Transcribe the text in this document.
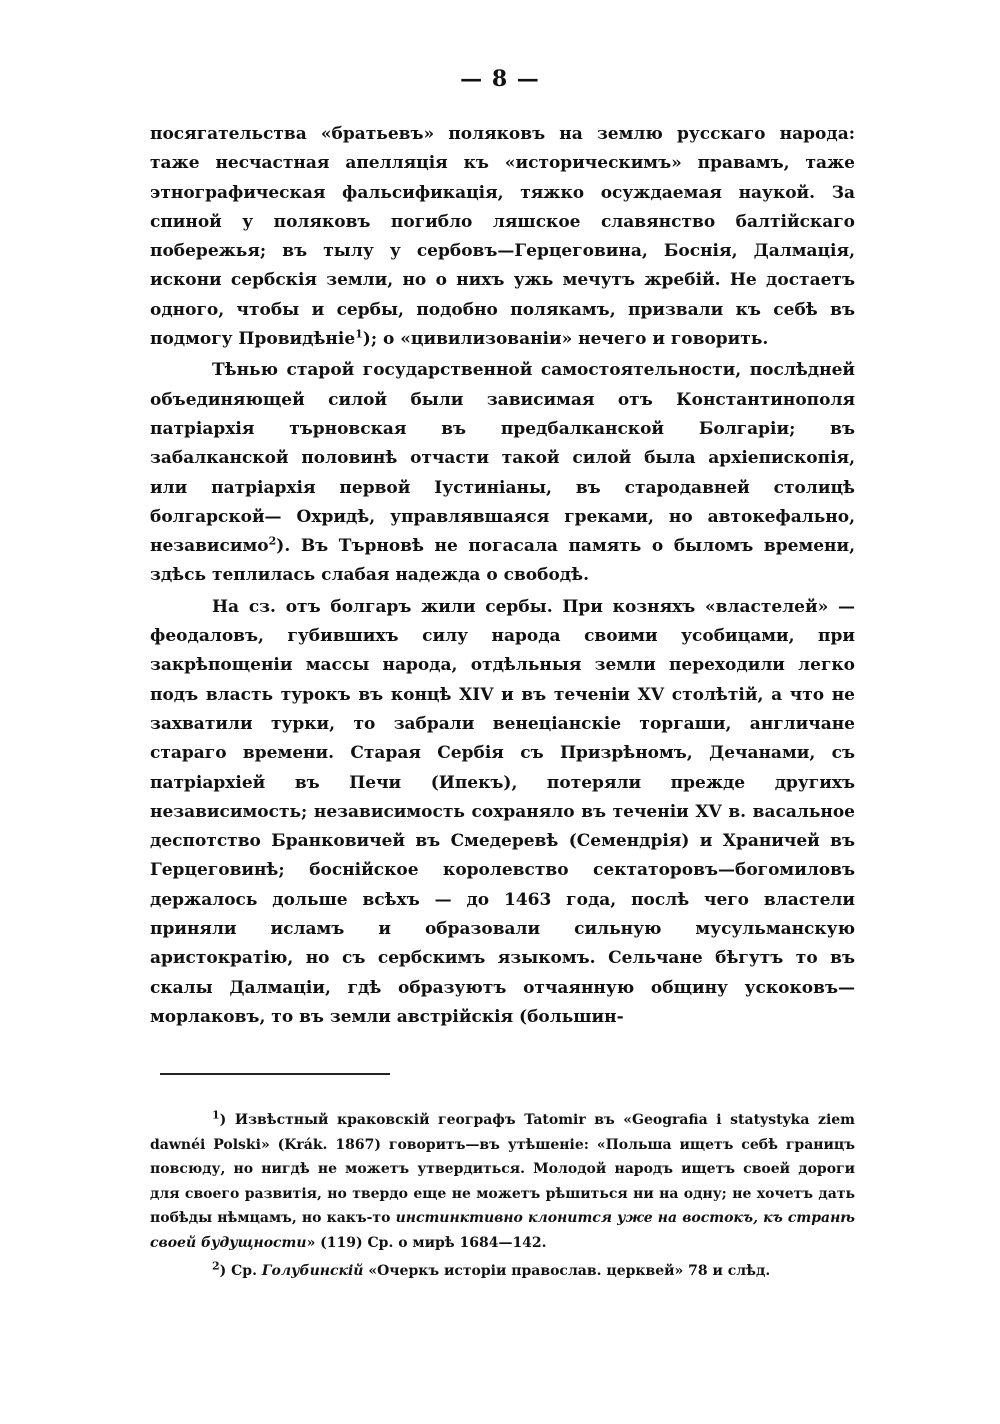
— 8 —

посягательства «братьевъ» поляковъ на землю русскаго народа: таже несчастная апелляція къ «историческимъ» правамъ, таже этнографическая фальсификація, тяжко осуждаемая наукой. За спиной у поляковъ погибло ляшское славянство балтійскаго побережья; въ тылу у сербовъ—Герцеговина, Боснія, Далмація, искони сербскія земли, но о нихъ ужь мечутъ жребій. Не достаетъ одного, чтобы и сербы, подобно полякамъ, призвали къ себѣ въ подмогу Провидѣніе$^1$); о «цивилизованіи» нечего и говорить.

Тѣнью старой государственной самостоятельности, послѣдней объединяющей силой были зависимая отъ Константинополя патріархія търновская въ предбалканской Болгаріи; въ забалканской половинѣ отчасти такой силой была архіепископія, или патріархія первой Іустиніаны, въ стародавней столицѣ болгарской— Охридѣ, управлявшаяся греками, но автокефально, независимо$^2$). Въ Търновѣ не погасала память о быломъ времени, здѣсь теплилась слабая надежда о свободѣ.

На сз. отъ болгаръ жили сербы. При козняхъ «властелей» —феодаловъ, губившихъ силу народа своими усобицами, при закрѣпощеніи массы народа, отдѣльныя земли переходили легко подъ власть турокъ въ концѣ XIV и въ теченіи XV столѣтій, а что не захватили турки, то забрали венеціанскіе торгаши, англичане стараго времени. Старая Сербія съ Призрѣномъ, Дечанами, съ патріархіей въ Печи (Ипекъ), потеряли прежде другихъ независимость; независимость сохраняло въ теченіи XV в. васальное деспотство Бранковичей въ Смедеревѣ (Семендрія) и Храничей въ Герцеговинѣ; боснійское королевство сектаторовъ—богомиловъ держалось дольше всѣхъ — до 1463 года, послѣ чего властели приняли исламъ и образовали сильную мусульманскую аристократію, но съ сербскимъ языкомъ. Сельчане бѣгутъ то въ скалы Далмаціи, гдѣ образуютъ отчаянную общину ускоковъ—морлаковъ, то въ земли австрійскія (большин-

$^1$) Извѣстный краковскій географъ Tatomir въ «Geografia i statystyka ziem dawnéi Polski» (Krák. 1867) говоритъ—въ утѣшеніе: «Польша ищетъ себѣ границъ повсюду, но нигдѣ не можетъ утвердиться. Молодой народъ ищетъ своей дороги для своего развитія, но твердо еще не можетъ рѣшиться ни на одну; не хочетъ дать побѣды нѣмцамъ, но какъ-то инстинктивно клонится уже на востокъ, къ странѣ своей будущности» (119) Ср. о мирѣ 1684—142.

$^2$) Ср. Голубинскій «Очеркъ исторіи православ. церквей» 78 и слѣд.
